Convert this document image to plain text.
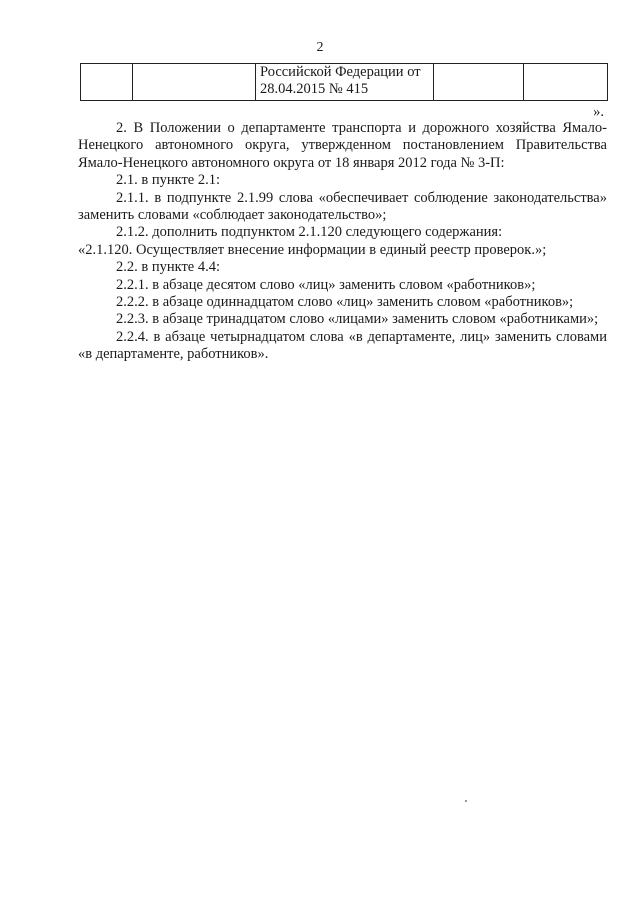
2
		Российской Федерации от 28.04.2015 № 415		
».

2. В Положении о департаменте транспорта и дорожного хозяйства Ямало-Ненецкого автономного округа, утвержденном постановлением Правительства Ямало-Ненецкого автономного округа от 18 января 2012 года № 3-П:

2.1. в пункте 2.1:

2.1.1. в подпункте 2.1.99 слова «обеспечивает соблюдение законодательства» заменить словами «соблюдает законодательство»;

2.1.2. дополнить подпунктом 2.1.120 следующего содержания:

«2.1.120. Осуществляет внесение информации в единый реестр проверок.»;

2.2. в пункте 4.4:

2.2.1. в абзаце десятом слово «лиц» заменить словом «работников»;

2.2.2. в абзаце одиннадцатом слово «лиц» заменить словом «работников»;

2.2.3. в абзаце тринадцатом слово «лицами» заменить словом «работниками»;

2.2.4. в абзаце четырнадцатом слова «в департаменте, лиц» заменить словами «в департаменте, работников».
